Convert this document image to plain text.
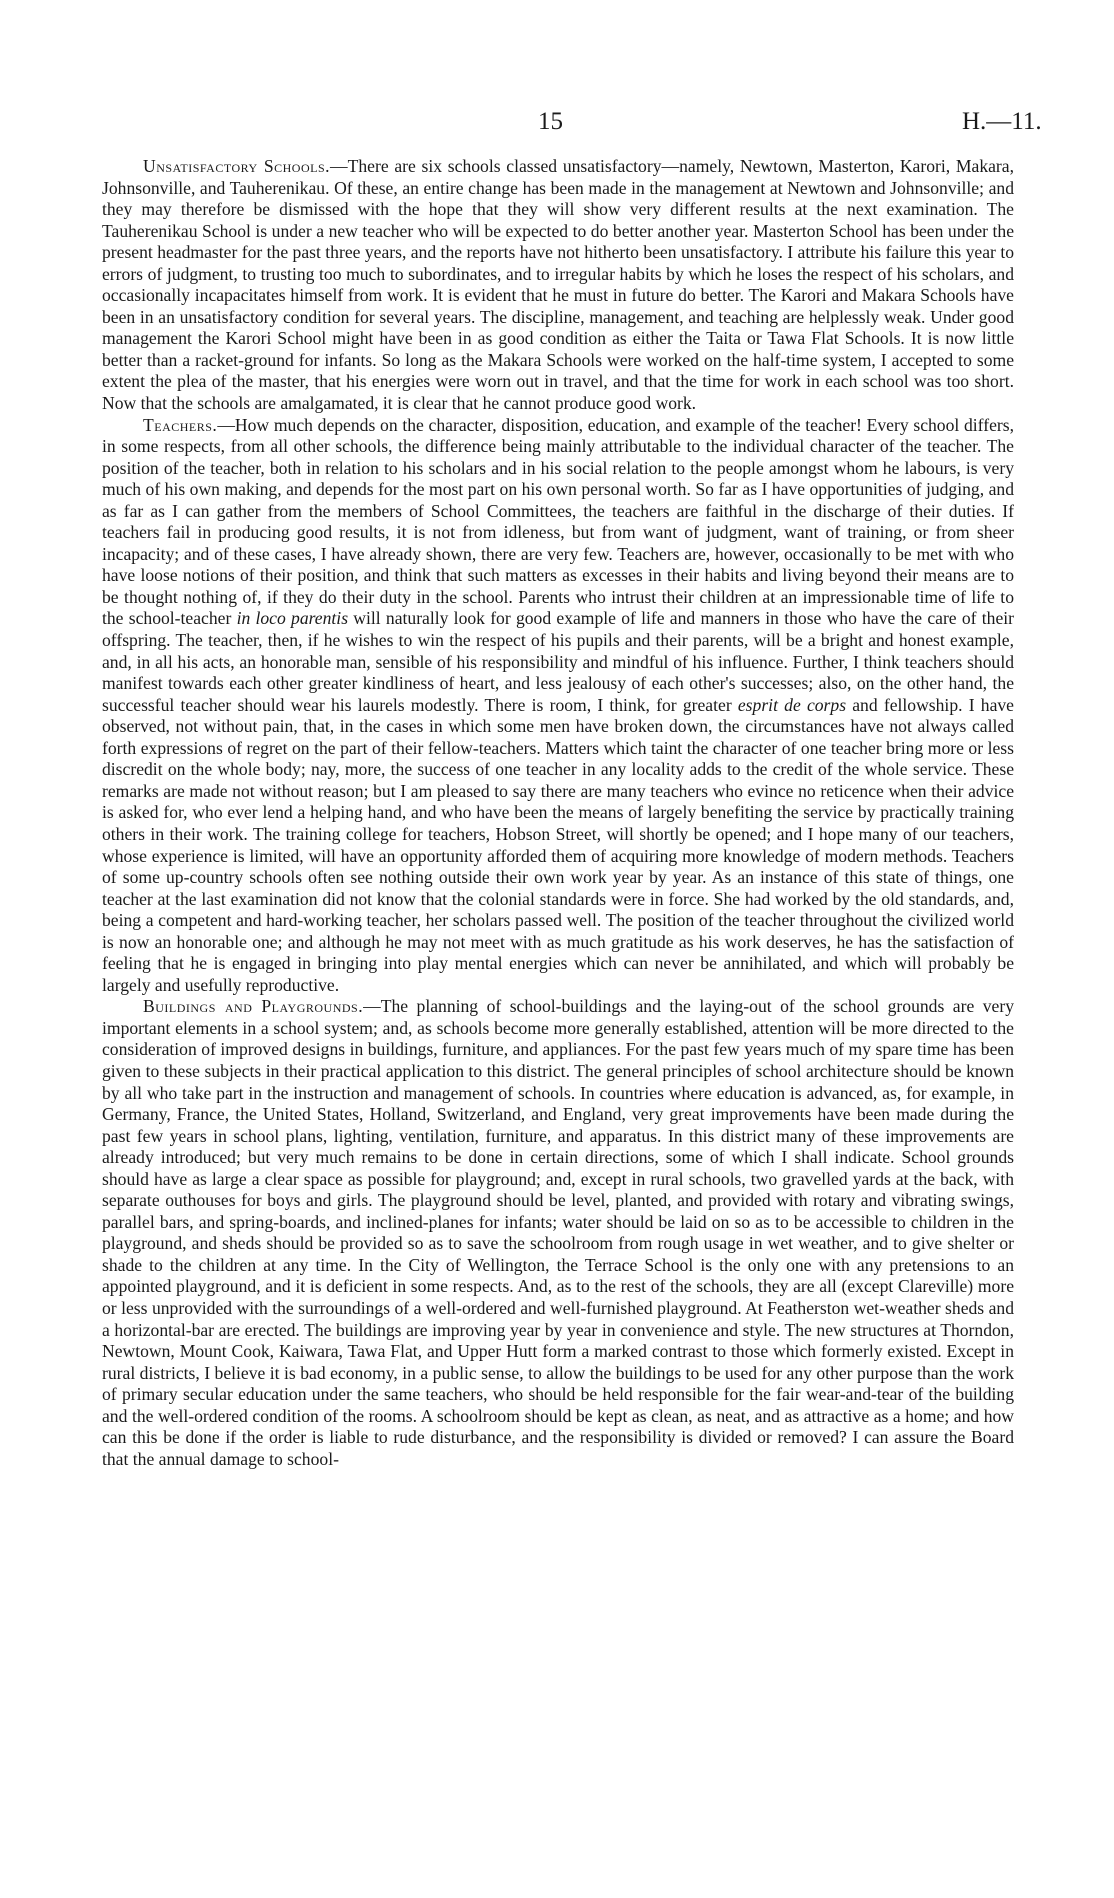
15	H.—11.

Unsatisfactory Schools.—There are six schools classed unsatisfactory—namely, Newtown, Masterton, Karori, Makara, Johnsonville, and Tauherenikau. Of these, an entire change has been made in the management at Newtown and Johnsonville; and they may therefore be dismissed with the hope that they will show very different results at the next examination. The Tauherenikau School is under a new teacher who will be expected to do better another year. Masterton School has been under the present headmaster for the past three years, and the reports have not hitherto been unsatisfactory. I attribute his failure this year to errors of judgment, to trusting too much to subordinates, and to irregular habits by which he loses the respect of his scholars, and occasionally incapacitates himself from work. It is evident that he must in future do better. The Karori and Makara Schools have been in an unsatisfactory condition for several years. The discipline, management, and teaching are helplessly weak. Under good management the Karori School might have been in as good condition as either the Taita or Tawa Flat Schools. It is now little better than a racket-ground for infants. So long as the Makara Schools were worked on the half-time system, I accepted to some extent the plea of the master, that his energies were worn out in travel, and that the time for work in each school was too short. Now that the schools are amalgamated, it is clear that he cannot produce good work.

Teachers.—How much depends on the character, disposition, education, and example of the teacher! Every school differs, in some respects, from all other schools, the difference being mainly attributable to the individual character of the teacher. The position of the teacher, both in relation to his scholars and in his social relation to the people amongst whom he labours, is very much of his own making, and depends for the most part on his own personal worth. So far as I have opportunities of judging, and as far as I can gather from the members of School Committees, the teachers are faithful in the discharge of their duties. If teachers fail in producing good results, it is not from idleness, but from want of judgment, want of training, or from sheer incapacity; and of these cases, I have already shown, there are very few. Teachers are, however, occasionally to be met with who have loose notions of their position, and think that such matters as excesses in their habits and living beyond their means are to be thought nothing of, if they do their duty in the school. Parents who intrust their children at an impressionable time of life to the school-teacher in loco parentis will naturally look for good example of life and manners in those who have the care of their offspring. The teacher, then, if he wishes to win the respect of his pupils and their parents, will be a bright and honest example, and, in all his acts, an honorable man, sensible of his responsibility and mindful of his influence. Further, I think teachers should manifest towards each other greater kindliness of heart, and less jealousy of each other's successes; also, on the other hand, the successful teacher should wear his laurels modestly. There is room, I think, for greater esprit de corps and fellowship. I have observed, not without pain, that, in the cases in which some men have broken down, the circumstances have not always called forth expressions of regret on the part of their fellow-teachers. Matters which taint the character of one teacher bring more or less discredit on the whole body; nay, more, the success of one teacher in any locality adds to the credit of the whole service. These remarks are made not without reason; but I am pleased to say there are many teachers who evince no reticence when their advice is asked for, who ever lend a helping hand, and who have been the means of largely benefiting the service by practically training others in their work. The training college for teachers, Hobson Street, will shortly be opened; and I hope many of our teachers, whose experience is limited, will have an opportunity afforded them of acquiring more knowledge of modern methods. Teachers of some up-country schools often see nothing outside their own work year by year. As an instance of this state of things, one teacher at the last examination did not know that the colonial standards were in force. She had worked by the old standards, and, being a competent and hard-working teacher, her scholars passed well. The position of the teacher throughout the civilized world is now an honorable one; and although he may not meet with as much gratitude as his work deserves, he has the satisfaction of feeling that he is engaged in bringing into play mental energies which can never be annihilated, and which will probably be largely and usefully reproductive.

Buildings and Playgrounds.—The planning of school-buildings and the laying-out of the school grounds are very important elements in a school system; and, as schools become more generally established, attention will be more directed to the consideration of improved designs in buildings, furniture, and appliances. For the past few years much of my spare time has been given to these subjects in their practical application to this district. The general principles of school architecture should be known by all who take part in the instruction and management of schools. In countries where education is advanced, as, for example, in Germany, France, the United States, Holland, Switzerland, and England, very great improvements have been made during the past few years in school plans, lighting, ventilation, furniture, and apparatus. In this district many of these improvements are already introduced; but very much remains to be done in certain directions, some of which I shall indicate. School grounds should have as large a clear space as possible for playground; and, except in rural schools, two gravelled yards at the back, with separate outhouses for boys and girls. The playground should be level, planted, and provided with rotary and vibrating swings, parallel bars, and spring-boards, and inclined-planes for infants; water should be laid on so as to be accessible to children in the playground, and sheds should be provided so as to save the schoolroom from rough usage in wet weather, and to give shelter or shade to the children at any time. In the City of Wellington, the Terrace School is the only one with any pretensions to an appointed playground, and it is deficient in some respects. And, as to the rest of the schools, they are all (except Clareville) more or less unprovided with the surroundings of a well-ordered and well-furnished playground. At Featherston wet-weather sheds and a horizontal-bar are erected. The buildings are improving year by year in convenience and style. The new structures at Thorndon, Newtown, Mount Cook, Kaiwara, Tawa Flat, and Upper Hutt form a marked contrast to those which formerly existed. Except in rural districts, I believe it is bad economy, in a public sense, to allow the buildings to be used for any other purpose than the work of primary secular education under the same teachers, who should be held responsible for the fair wear-and-tear of the building and the well-ordered condition of the rooms. A schoolroom should be kept as clean, as neat, and as attractive as a home; and how can this be done if the order is liable to rude disturbance, and the responsibility is divided or removed? I can assure the Board that the annual damage to school-
